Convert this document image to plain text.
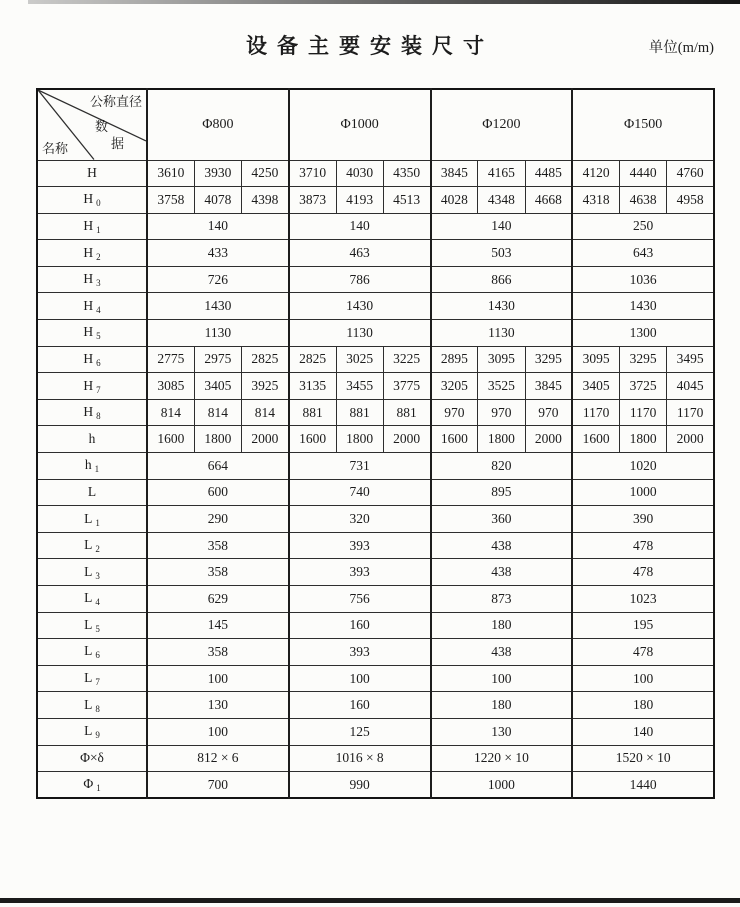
设备主要安装尺寸	单位(m/m)
公称直径
数
据
名称	Φ800			Φ1000			Φ1200			Φ1500		
H	3610	3930	4250	3710	4030	4350	3845	4165	4485	4120	4440	4760
H $_0$	3758	4078	4398	3873	4193	4513	4028	4348	4668	4318	4638	4958
H $_1$	140			140			140			250		
H $_2$	433			463			503			643		
H $_3$	726			786			866			1036		
H $_4$	1430			1430			1430			1430		
H $_5$	1130			1130			1130			1300		
H $_6$	2775	2975	2825	2825	3025	3225	2895	3095	3295	3095	3295	3495
H $_7$	3085	3405	3925	3135	3455	3775	3205	3525	3845	3405	3725	4045
H $_8$	814	814	814	881	881	881	970	970	970	1170	1170	1170
h	1600	1800	2000	1600	1800	2000	1600	1800	2000	1600	1800	2000
h $_1$	664			731			820			1020		
L	600			740			895			1000		
L $_1$	290			320			360			390		
L $_2$	358			393			438			478		
L $_3$	358			393			438			478		
L $_4$	629			756			873			1023		
L $_5$	145			160			180			195		
L $_6$	358			393			438			478		
L $_7$	100			100			100			100		
L $_8$	130			160			180			180		
L $_9$	100			125			130			140		
Φ×δ	812 × 6			1016 × 8			1220 × 10			1520 × 10		
Φ $_1$	700			990			1000			1440		
